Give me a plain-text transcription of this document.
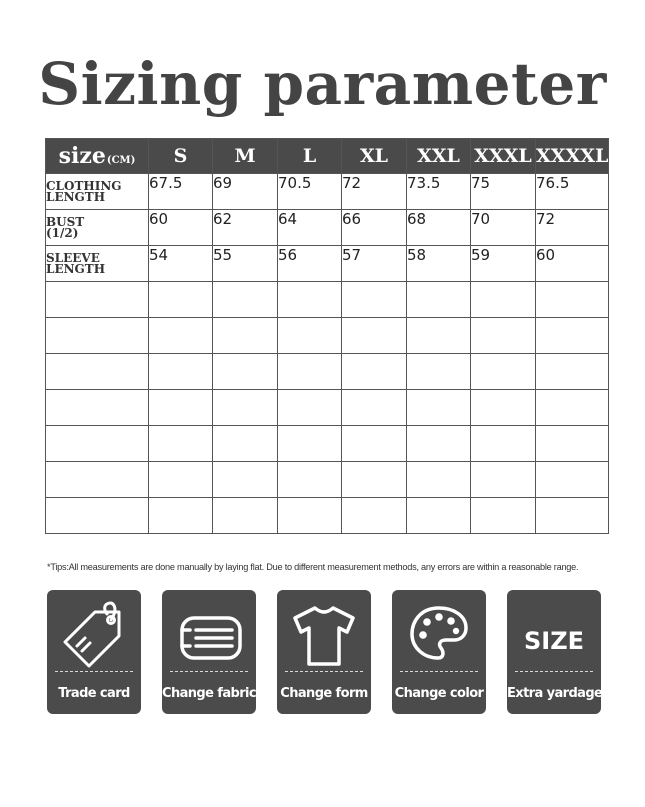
Sizing parameter
size(CM)	S	M	L	XL	XXL	XXXL	XXXXL

CLOTHING
LENGTH	67.5	69	70.5	72	73.5	75	76.5

BUST
(1/2)	60	62	64	66	68	70	72

SLEEVE
LENGTH	54	55	56	57	58	59	60

*Tips:All measurements are done manually by laying flat. Due to different measurement methods, any errors are within a reasonable range.
Trade card	Change fabric Change form Change color
SIZE
Extra yardage
